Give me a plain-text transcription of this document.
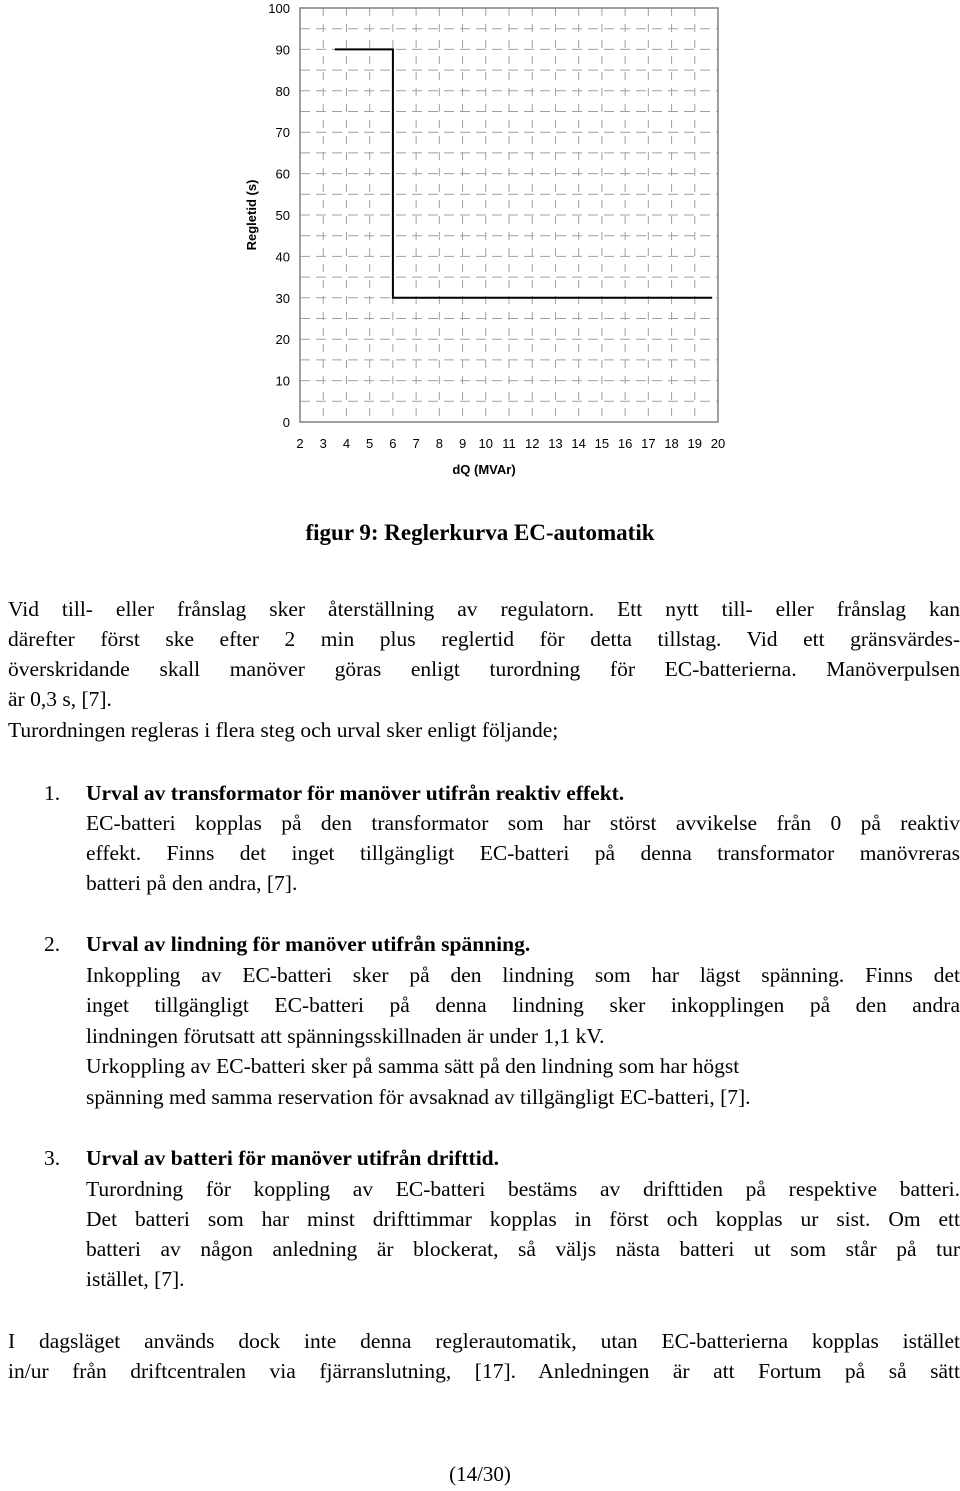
0
10
20
30
40
50
60
70
80
90
100
2 3 4 5 6 7 8 9 10 11 12 13 14 15 16 17 18 19 20
Regletid (s)
dQ (MVAr)
figur 9: Reglerkurva EC-automatik
Vid till- eller frånslag sker återställning av regulatorn. Ett nytt till- eller frånslag kan
därefter först ske efter 2 min plus reglertid för detta tillstag. Vid ett gränsvärdes-
överskridande skall manöver göras enligt turordning för EC-batterierna. Manöverpulsen
är 0,3 s, [7].
Turordningen regleras i flera steg och urval sker enligt följande;
1. Urval av transformator för manöver utifrån reaktiv effekt.
EC-batteri kopplas på den transformator som har störst avvikelse från 0 på reaktiv
effekt. Finns det inget tillgängligt EC-batteri på denna transformator manövreras
batteri på den andra, [7].
2. Urval av lindning för manöver utifrån spänning.
Inkoppling av EC-batteri sker på den lindning som har lägst spänning. Finns det
inget tillgängligt EC-batteri på denna lindning sker inkopplingen på den andra
lindningen förutsatt att spänningsskillnaden är under 1,1 kV.
Urkoppling av EC-batteri sker på samma sätt på den lindning som har högst
spänning med samma reservation för avsaknad av tillgängligt EC-batteri, [7].
3. Urval av batteri för manöver utifrån drifttid.
Turordning för koppling av EC-batteri bestäms av drifttiden på respektive batteri.
Det batteri som har minst drifttimmar kopplas in först och kopplas ur sist. Om ett
batteri av någon anledning är blockerat, så väljs nästa batteri ut som står på tur
istället, [7].
I dagsläget används dock inte denna reglerautomatik, utan EC-batterierna kopplas istället
in/ur från driftcentralen via fjärranslutning, [17]. Anledningen är att Fortum på så sätt
(14/30)
